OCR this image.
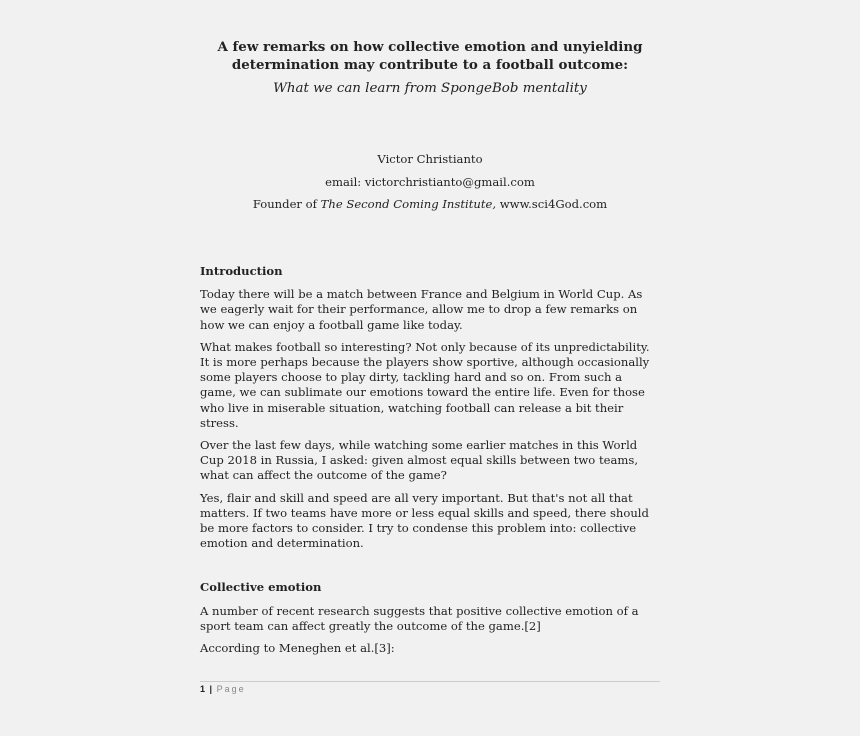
A few remarks on how collective emotion and unyielding
determination may contribute to a football outcome:
What we can learn from SpongeBob mentality
Victor Christianto
email: victorchristianto@gmail.com
Founder of The Second Coming Institute, www.sci4God.com
Introduction

Today there will be a match between France and Belgium in World Cup. As we eagerly wait for their performance, allow me to drop a few remarks on how we can enjoy a football game like today.

What makes football so interesting? Not only because of its unpredictability. It is more perhaps because the players show sportive, although occasionally some players choose to play dirty, tackling hard and so on. From such a game, we can sublimate our emotions toward the entire life. Even for those who live in miserable situation, watching football can release a bit their stress.

Over the last few days, while watching some earlier matches in this World Cup 2018 in Russia, I asked: given almost equal skills between two teams, what can affect the outcome of the game?

Yes, flair and skill and speed are all very important. But that's not all that matters. If two teams have more or less equal skills and speed, there should be more factors to consider. I try to condense this problem into: collective emotion and determination.

Collective emotion

A number of recent research suggests that positive collective emotion of a sport team can affect greatly the outcome of the game.[2]

According to Meneghen et al.[3]:

1 | Page
